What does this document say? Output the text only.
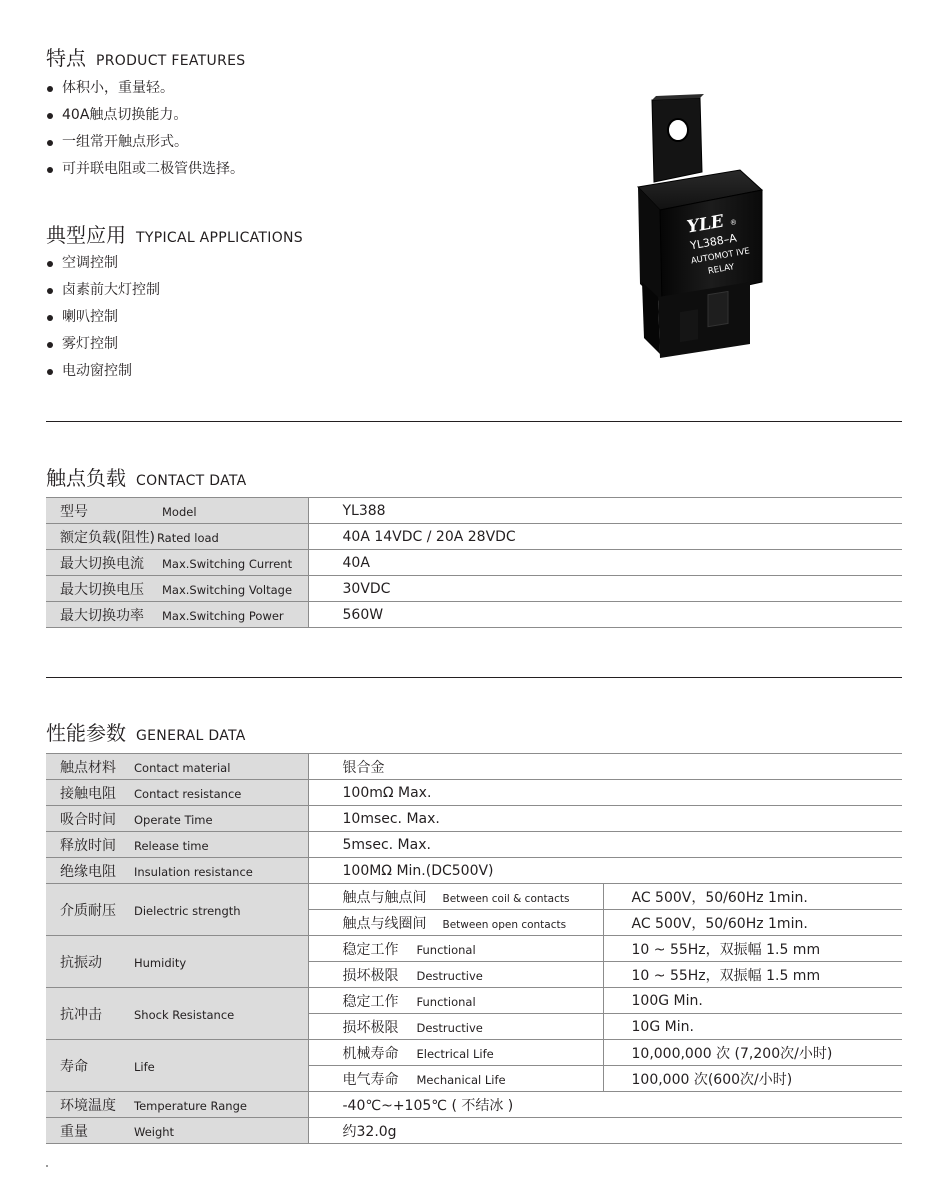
特点 PRODUCT FEATURES
体积小，重量轻。
40A触点切换能力。
一组常开触点形式。
可并联电阻或二极管供选择。
典型应用 TYPICAL APPLICATIONS
空调控制
卤素前大灯控制
喇叭控制
雾灯控制
电动窗控制
YLE ®
YL388–A
AUTOMOT IVE
RELAY
触点负载 CONTACT DATA
型号 Model	YL388
额定负载(阻性) Rated load	40A 14VDC / 20A 28VDC
最大切换电流 Max.Switching Current	40A
最大切换电压 Max.Switching Voltage	30VDC
最大切换功率 Max.Switching Power	560W
性能参数 GENERAL DATA
触点材料 Contact material	银合金	
接触电阻 Contact resistance	100mΩ Max.	
吸合时间 Operate Time	10msec. Max.	
释放时间 Release time	5msec. Max.	
绝缘电阻 Insulation resistance	100MΩ Min.(DC500V)	
介质耐压 Dielectric strength	触点与触点间 Between coil & contacts	AC 500V，50/60Hz 1min.
	触点与线圈间 Between open contacts	AC 500V，50/60Hz 1min.
抗振动 Humidity	稳定工作 Functional	10 ~ 55Hz，双振幅 1.5 mm
	损坏极限 Destructive	10 ~ 55Hz，双振幅 1.5 mm
抗冲击 Shock Resistance	稳定工作 Functional	100G Min.
	损坏极限 Destructive	10G Min.
寿命 Life	机械寿命 Electrical Life	10,000,000 次 (7,200次/小时)
	电气寿命 Mechanical Life	100,000 次(600次/小时)
环境温度 Temperature Range	-40℃~+105℃ ( 不结冰 )	
重量 Weight	约32.0g	
